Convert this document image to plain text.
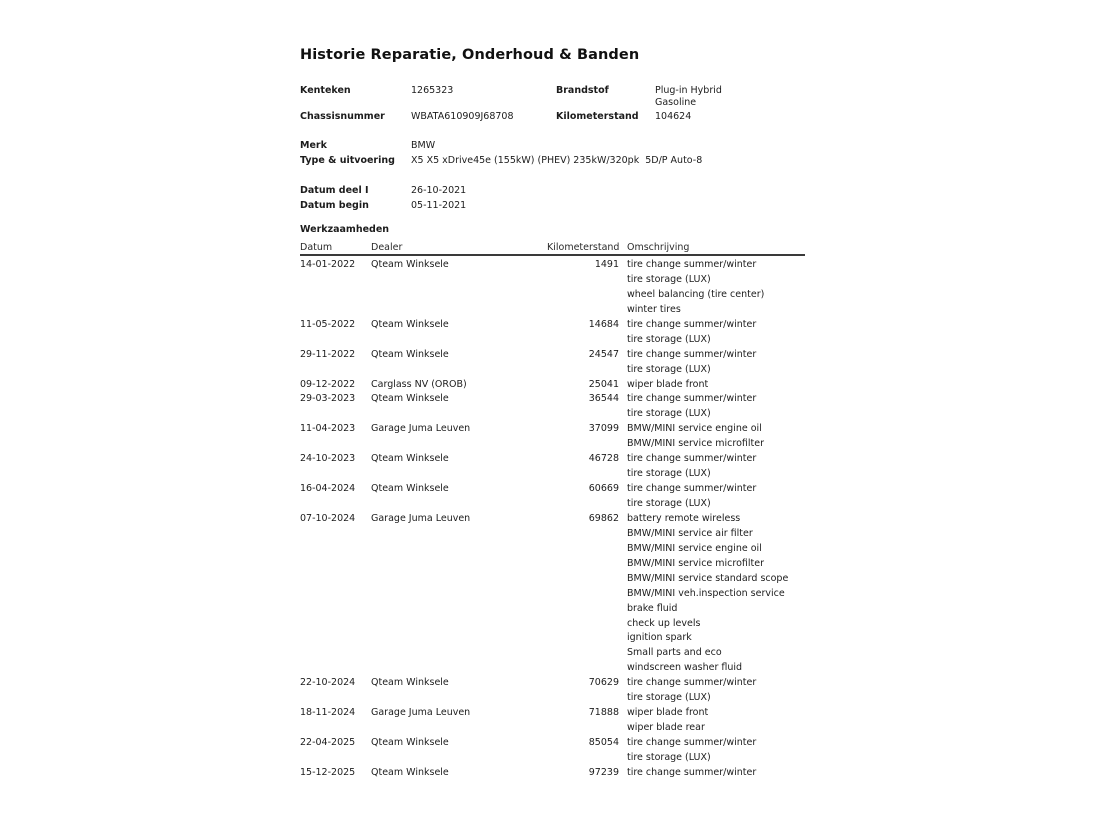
Historie Reparatie, Onderhoud & Banden
Kenteken	1265323	Brandstof	Plug-in Hybrid
Gasoline
Chassisnummer	WBATA610909J68708	Kilometerstand	104624
Merk	BMW
Type & uitvoering	X5 X5 xDrive45e (155kW) (PHEV) 235kW/320pk  5D/P Auto-8
Datum deel I	26-10-2021
Datum begin	05-11-2021
Werkzaamheden
Datum	Dealer	Kilometerstand Omschrijving
14-01-2022	Qteam Winksele	1491 tire change summer/winter
tire storage (LUX)
wheel balancing (tire center)
winter tires
11-05-2022	Qteam Winksele	14684 tire change summer/winter
tire storage (LUX)
29-11-2022	Qteam Winksele	24547 tire change summer/winter
tire storage (LUX)
09-12-2022	Carglass NV (OROB)	25041 wiper blade front
29-03-2023	Qteam Winksele	36544 tire change summer/winter
tire storage (LUX)
11-04-2023	Garage Juma Leuven	37099 BMW/MINI service engine oil
BMW/MINI service microfilter
24-10-2023	Qteam Winksele	46728 tire change summer/winter
tire storage (LUX)
16-04-2024	Qteam Winksele	60669 tire change summer/winter
tire storage (LUX)
07-10-2024	Garage Juma Leuven	69862 battery remote wireless
BMW/MINI service air filter
BMW/MINI service engine oil
BMW/MINI service microfilter
BMW/MINI service standard scope
BMW/MINI veh.inspection service
brake fluid
check up levels
ignition spark
Small parts and eco
windscreen washer fluid
22-10-2024	Qteam Winksele	70629 tire change summer/winter
tire storage (LUX)
18-11-2024	Garage Juma Leuven	71888 wiper blade front
wiper blade rear
22-04-2025	Qteam Winksele	85054 tire change summer/winter
tire storage (LUX)
15-12-2025	Qteam Winksele	97239 tire change summer/winter
